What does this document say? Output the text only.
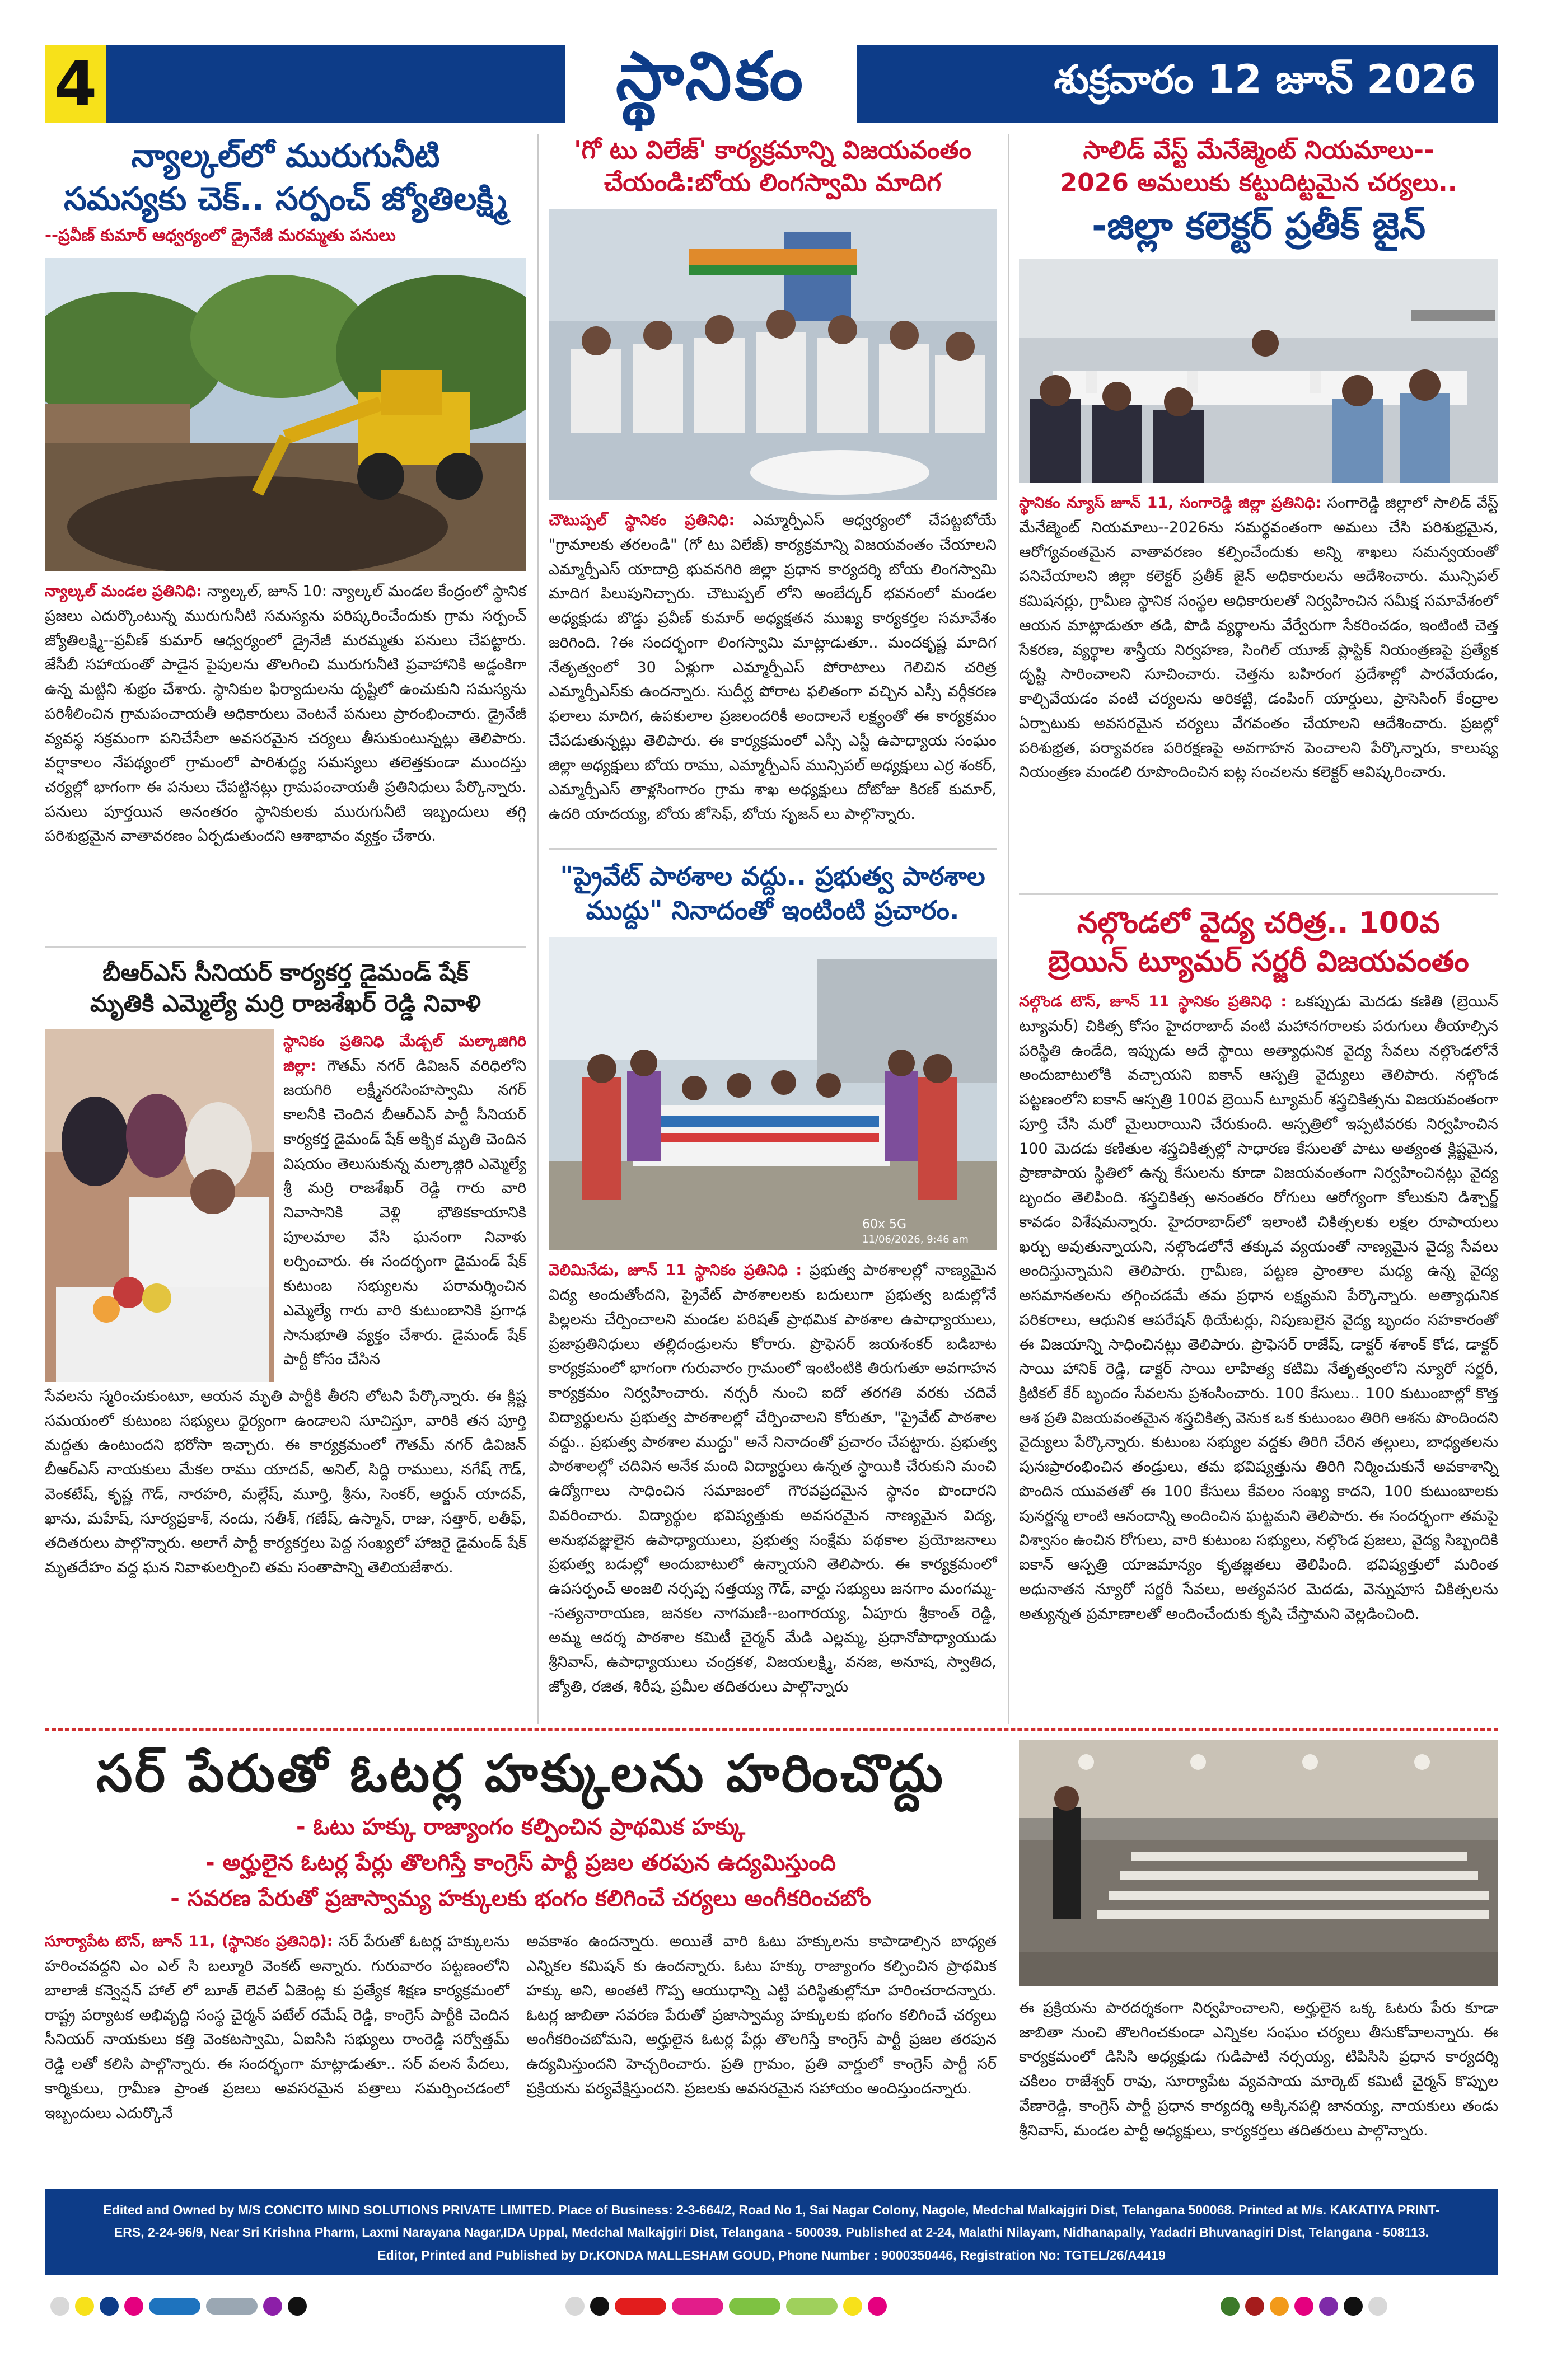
4	స్థానికం	శుక్రవారం 12 జూన్ 2026
న్యాల్కల్‌లో మురుగునీటి
సమస్యకు చెక్.. సర్పంచ్ జ్యోతిలక్ష్మి
--ప్రవీణ్ కుమార్ ఆధ్వర్యంలో డ్రైనేజీ మరమ్మతు పనులు
న్యాల్కల్ మండల ప్రతినిధి: న్యాల్కల్, జూన్ 10: న్యాల్కల్ మండల కేంద్రంలో స్థానిక ప్రజలు ఎదుర్కొంటున్న మురుగునీటి సమస్యను పరిష్కరించేందుకు గ్రామ సర్పంచ్ జ్యోతిలక్ష్మి--ప్రవీణ్ కుమార్ ఆధ్వర్యంలో డ్రైనేజీ మరమ్మతు పనులు చేపట్టారు. జేసీబీ సహాయంతో పాడైన పైపులను తొలగించి మురుగునీటి ప్రవాహానికి అడ్డంకిగా ఉన్న మట్టిని శుభ్రం చేశారు. స్థానికుల ఫిర్యాదులను దృష్టిలో ఉంచుకుని సమస్యను పరిశీలించిన గ్రామపంచాయతీ అధికారులు వెంటనే పనులు ప్రారంభించారు. డ్రైనేజీ వ్యవస్థ సక్రమంగా పనిచేసేలా అవసరమైన చర్యలు తీసుకుంటున్నట్లు తెలిపారు. వర్షాకాలం నేపథ్యంలో గ్రామంలో పారిశుద్ధ్య సమస్యలు తలెత్తకుండా ముందస్తు చర్యల్లో భాగంగా ఈ పనులు చేపట్టినట్లు గ్రామపంచాయతీ ప్రతినిధులు పేర్కొన్నారు. పనులు పూర్తయిన అనంతరం స్థానికులకు మురుగునీటి ఇబ్బందులు తగ్గి పరిశుభ్రమైన వాతావరణం ఏర్పడుతుందని ఆశాభావం వ్యక్తం చేశారు.
బీఆర్ఎస్ సీనియర్ కార్యకర్త డైమండ్ షేక్
మృతికి ఎమ్మెల్యే మర్రి రాజశేఖర్ రెడ్డి నివాళి
స్థానికం ప్రతినిధి మేడ్చల్ మల్కాజిగిరి జిల్లా: గౌతమ్ నగర్ డివిజన్ వరిధిలోని జయగిరి లక్ష్మీనరసింహస్వామి నగర్ కాలనీకి చెందిన బీఆర్ఎస్ పార్టీ సీనియర్ కార్యకర్త డైమండ్ షేక్ అక్బిక మృతి చెందిన విషయం తెలుసుకున్న మల్కాజ్గిరి ఎమ్మెల్యే శ్రీ మర్రి రాజశేఖర్ రెడ్డి గారు వారి నివాసానికి వెళ్లి భౌతికకాయానికి పూలమాల వేసి ఘనంగా నివాళు లర్పించారు. ఈ సందర్భంగా డైమండ్ షేక్ కుటుంబ సభ్యులను పరామర్శించిన ఎమ్మెల్యే గారు వారి కుటుంబానికి ప్రగాఢ సానుభూతి వ్యక్తం చేశారు. డైమండ్ షేక్ పార్టీ కోసం చేసిన
సేవలను స్మరించుకుంటూ, ఆయన మృతి పార్టీకి తీరని లోటని పేర్కొన్నారు. ఈ క్లిష్ట సమయంలో కుటుంబ సభ్యులు ధైర్యంగా ఉండాలని సూచిస్తూ, వారికి తన పూర్తి మద్దతు ఉంటుందని భరోసా ఇచ్చారు. ఈ కార్యక్రమంలో గౌతమ్ నగర్ డివిజన్ బీఆర్ఎస్ నాయకులు మేకల రాము యాదవ్, అనిల్, సిద్ది రాములు, నగేష్ గౌడ్, వెంకటేష్, కృష్ణ గౌడ్, నారహరి, మల్లేష్, మూర్తి, శ్రీను, సెంకర్, అర్జున్ యాదవ్, ఖాను, మహేష్, సూర్యప్రకాశ్, నందు, సతీశ్, గణేష్, ఉస్మాన్, రాజు, సత్తార్, లతీఫ్, తదితరులు పాల్గొన్నారు. అలాగే పార్టీ కార్యకర్తలు పెద్ద సంఖ్యలో హాజరై డైమండ్ షేక్ మృతదేహం వద్ద ఘన నివాళులర్పించి తమ సంతాపాన్ని తెలియజేశారు.
'గో టు విలేజ్' కార్యక్రమాన్ని విజయవంతం
చేయండి:బోయ లింగస్వామి మాదిగ
చౌటుప్పల్ స్థానికం ప్రతినిధి: ఎమ్మార్పీఎస్ ఆధ్వర్యంలో చేపట్టబోయే "గ్రామాలకు తరలండి" (గో టు విలేజ్) కార్యక్రమాన్ని విజయవంతం చేయాలని ఎమ్మార్పీఎస్ యాదాద్రి భువనగిరి జిల్లా ప్రధాన కార్యదర్శి బోయ లింగస్వామి మాదిగ పిలుపునిచ్చారు. చౌటుప్పల్ లోని అంబేద్కర్ భవనంలో మండల అధ్యక్షుడు బొడ్డు ప్రవీణ్ కుమార్ అధ్యక్షతన ముఖ్య కార్యకర్తల సమావేశం జరిగింది. ?ఈ సందర్భంగా లింగస్వామి మాట్లాడుతూ.. మందకృష్ణ మాదిగ నేతృత్వంలో 30 ఏళ్లుగా ఎమ్మార్పీఎస్ పోరాటాలు గెలిచిన చరిత్ర ఎమ్మార్పీఎస్‌కు ఉందన్నారు. సుదీర్ఘ పోరాట ఫలితంగా వచ్చిన ఎస్సీ వర్గీకరణ ఫలాలు మాదిగ, ఉపకులాల ప్రజలందరికీ అందాలనే లక్ష్యంతో ఈ కార్యక్రమం చేపడుతున్నట్లు తెలిపారు. ఈ కార్యక్రమంలో ఎస్సీ ఎస్టీ ఉపాధ్యాయ సంఘం జిల్లా అధ్యక్షులు బోయ రాము, ఎమ్మార్పీఎస్ మున్సిపల్ అధ్యక్షులు ఎర్ర శంకర్, ఎమ్మార్పీఎస్ తాళ్లసింగారం గ్రామ శాఖ అధ్యక్షులు దోటోజు కిరణ్ కుమార్, ఉదరి యాదయ్య, బోయ జోసెఫ్, బోయ సృజన్ లు పాల్గొన్నారు.
"ప్రైవేట్ పాఠశాల వద్దు.. ప్రభుత్వ పాఠశాల
ముద్దు" నినాదంతో ఇంటింటి ప్రచారం.
60x 5G
11/06/2026, 9:46 am
వెలిమినేడు, జూన్ 11 స్థానికం ప్రతినిధి : ప్రభుత్వ పాఠశాలల్లో నాణ్యమైన విద్య అందుతోందని, ప్రైవేట్ పాఠశాలలకు బదులుగా ప్రభుత్వ బడుల్లోనే పిల్లలను చేర్పించాలని మండల పరిషత్ ప్రాథమిక పాఠశాల ఉపాధ్యాయులు, ప్రజాప్రతినిధులు తల్లిదండ్రులను కోరారు. ప్రొఫెసర్ జయశంకర్ బడిబాట కార్యక్రమంలో భాగంగా గురువారం గ్రామంలో ఇంటింటికి తిరుగుతూ అవగాహన కార్యక్రమం నిర్వహించారు. నర్సరీ నుంచి ఐదో తరగతి వరకు చదివే విద్యార్థులను ప్రభుత్వ పాఠశాలల్లో చేర్పించాలని కోరుతూ, "ప్రైవేట్ పాఠశాల వద్దు.. ప్రభుత్వ పాఠశాల ముద్దు" అనే నినాదంతో ప్రచారం చేపట్టారు. ప్రభుత్వ పాఠశాలల్లో చదివిన అనేక మంది విద్యార్థులు ఉన్నత స్థాయికి చేరుకుని మంచి ఉద్యోగాలు సాధించిన సమాజంలో గౌరవప్రదమైన స్థానం పొందారని వివరించారు. విద్యార్థుల భవిష్యత్తుకు అవసరమైన నాణ్యమైన విద్య, అనుభవజ్ఞులైన ఉపాధ్యాయులు, ప్రభుత్వ సంక్షేమ పథకాల ప్రయోజనాలు ప్రభుత్వ బడుల్లో అందుబాటులో ఉన్నాయని తెలిపారు. ఈ కార్యక్రమంలో ఉపసర్పంచ్ అంజలి నర్సప్ప సత్తయ్య గౌడ్, వార్డు సభ్యులు జనగాం మంగమ్మ--సత్యనారాయణ, జనకల నాగమణి--బంగారయ్య, ఏపూరు శ్రీకాంత్ రెడ్డి, అమ్మ ఆదర్శ పాఠశాల కమిటీ చైర్మన్ మేడి ఎల్లమ్మ, ప్రధానోపాధ్యాయుడు శ్రీనివాస్, ఉపాధ్యాయులు చంద్రకళ, విజయలక్ష్మి, వనజ, అనూష, స్వాతిద, జ్యోతి, రజిత, శిరీష, ప్రమీల తదితరులు పాల్గొన్నారు
సాలిడ్ వేస్ట్ మేనేజ్మెంట్ నియమాలు--
2026 అమలుకు కట్టుదిట్టమైన చర్యలు..
-జిల్లా కలెక్టర్ ప్రతీక్ జైన్
స్థానికం న్యూస్ జూన్ 11, సంగారెడ్డి జిల్లా ప్రతినిధి: సంగారెడ్డి జిల్లాలో సాలిడ్ వేస్ట్ మేనేజ్మెంట్ నియమాలు--2026ను సమర్థవంతంగా అమలు చేసి పరిశుభ్రమైన, ఆరోగ్యవంతమైన వాతావరణం కల్పించేందుకు అన్ని శాఖలు సమన్వయంతో పనిచేయాలని జిల్లా కలెక్టర్ ప్రతీక్ జైన్ అధికారులను ఆదేశించారు. మున్సిపల్ కమిషనర్లు, గ్రామీణ స్థానిక సంస్థల అధికారులతో నిర్వహించిన సమీక్ష సమావేశంలో ఆయన మాట్లాడుతూ తడి, పొడి వ్యర్థాలను వేర్వేరుగా సేకరించడం, ఇంటింటి చెత్త సేకరణ, వ్యర్థాల శాస్త్రీయ నిర్వహణ, సింగిల్ యూజ్ ప్లాస్టిక్ నియంత్రణపై ప్రత్యేక దృష్టి సారించాలని సూచించారు. చెత్తను బహిరంగ ప్రదేశాల్లో పారవేయడం, కాల్చివేయడం వంటి చర్యలను అరికట్టి, డంపింగ్ యార్డులు, ప్రాసెసింగ్ కేంద్రాల ఏర్పాటుకు అవసరమైన చర్యలు వేగవంతం చేయాలని ఆదేశించారు. ప్రజల్లో పరిశుభ్రత, పర్యావరణ పరిరక్షణపై అవగాహన పెంచాలని పేర్కొన్నారు, కాలుష్య నియంత్రణ మండలి రూపొందించిన ఐట్ల సంచలను కలెక్టర్ ఆవిష్కరించారు.
నల్గొండలో వైద్య చరిత్ర.. 100వ
బ్రెయిన్ ట్యూమర్ సర్జరీ విజయవంతం
నల్గొండ టౌన్, జూన్ 11 స్థానికం ప్రతినిధి : ఒకప్పుడు మెదడు కణితి (బ్రెయిన్ ట్యూమర్) చికిత్స కోసం హైదరాబాద్ వంటి మహానగరాలకు పరుగులు తీయాల్సిన పరిస్థితి ఉండేది, ఇప్పుడు అదే స్థాయి అత్యాధునిక వైద్య సేవలు నల్గొండలోనే అందుబాటులోకి వచ్చాయని ఐకాన్ ఆస్పత్రి వైద్యులు తెలిపారు. నల్గొండ పట్టణంలోని ఐకాన్ ఆస్పత్రి 100వ బ్రెయిన్ ట్యూమర్ శస్త్రచికిత్సను విజయవంతంగా పూర్తి చేసి మరో మైలురాయిని చేరుకుంది. ఆస్పత్రిలో ఇప్పటివరకు నిర్వహించిన 100 మెదడు కణితుల శస్త్రచికిత్సల్లో సాధారణ కేసులతో పాటు అత్యంత క్లిష్టమైన, ప్రాణాపాయ స్థితిలో ఉన్న కేసులను కూడా విజయవంతంగా నిర్వహించినట్లు వైద్య బృందం తెలిపింది. శస్త్రచికిత్స అనంతరం రోగులు ఆరోగ్యంగా కోలుకుని డిశ్చార్జ్ కావడం విశేషమన్నారు. హైదరాబాద్‌లో ఇలాంటి చికిత్సలకు లక్షల రూపాయలు ఖర్చు అవుతున్నాయని, నల్గొండలోనే తక్కువ వ్యయంతో నాణ్యమైన వైద్య సేవలు అందిస్తున్నామని తెలిపారు. గ్రామీణ, పట్టణ ప్రాంతాల మధ్య ఉన్న వైద్య అసమానతలను తగ్గించడమే తమ ప్రధాన లక్ష్యమని పేర్కొన్నారు. అత్యాధునిక పరికరాలు, ఆధునిక ఆపరేషన్ థియేటర్లు, నిపుణులైన వైద్య బృందం సహకారంతో ఈ విజయాన్ని సాధించినట్లు తెలిపారు. ప్రొఫెసర్ రాజేష్, డాక్టర్ శశాంక్ కోడ, డాక్టర్ సాయి హానిక్ రెడ్డి, డాక్టర్ సాయి లాహిత్య కటిమి నేతృత్వంలోని న్యూరో సర్జరీ, క్రిటికల్ కేర్ బృందం సేవలను ప్రశంసించారు. 100 కేసులు.. 100 కుటుంబాల్లో కొత్త ఆశ ప్రతి విజయవంతమైన శస్త్రచికిత్స వెనుక ఒక కుటుంబం తిరిగి ఆశను పొందిందని వైద్యులు పేర్కొన్నారు. కుటుంబ సభ్యుల వద్దకు తిరిగి చేరిన తల్లులు, బాధ్యతలను పునఃప్రారంభించిన తండ్రులు, తమ భవిష్యత్తును తిరిగి నిర్మించుకునే అవకాశాన్ని పొందిన యువతతో ఈ 100 కేసులు కేవలం సంఖ్య కాదని, 100 కుటుంబాలకు పునర్జన్మ లాంటి ఆనందాన్ని అందించిన ఘట్టమని తెలిపారు. ఈ సందర్భంగా తమపై విశ్వాసం ఉంచిన రోగులు, వారి కుటుంబ సభ్యులు, నల్గొండ ప్రజలు, వైద్య సిబ్బందికి ఐకాన్ ఆస్పత్రి యాజమాన్యం కృతజ్ఞతలు తెలిపింది. భవిష్యత్తులో మరింత అధునాతన న్యూరో సర్జరీ సేవలు, అత్యవసర మెదడు, వెన్నుపూస చికిత్సలను అత్యున్నత ప్రమాణాలతో అందించేందుకు కృషి చేస్తామని వెల్లడించింది.
సర్ పేరుతో ఓటర్ల హక్కులను హరించొద్దు
- ఓటు హక్కు రాజ్యాంగం కల్పించిన ప్రాథమిక హక్కు
- అర్హులైన ఓటర్ల పేర్లు తొలగిస్తే కాంగ్రెస్ పార్టీ ప్రజల తరపున ఉద్యమిస్తుంది
- సవరణ పేరుతో ప్రజాస్వామ్య హక్కులకు భంగం కలిగించే చర్యలు అంగీకరించబోం
సూర్యాపేట టౌన్, జూన్ 11, (స్థానికం ప్రతినిధి): సర్ పేరుతో ఓటర్ల హక్కులను హరించవద్దని ఎం ఎల్ సి బల్మూరి వెంకట్ అన్నారు. గురువారం పట్టణంలోని బాలాజీ కన్వెన్షన్ హాల్ లో బూత్ లెవల్ ఏజెంట్ల కు ప్రత్యేక శిక్షణ కార్యక్రమంలో రాష్ట్ర పర్యాటక అభివృద్ధి సంస్థ చైర్మన్ పటేల్ రమేష్ రెడ్డి, కాంగ్రెస్ పార్టీకి చెందిన సీనియర్ నాయకులు కత్తి వెంకటస్వామి, ఏఐసిసి సభ్యులు రాంరెడ్డి సర్వోత్తమ్ రెడ్డి లతో కలిసి పాల్గొన్నారు. ఈ సందర్భంగా మాట్లాడుతూ.. సర్ వలన పేదలు, కార్మికులు, గ్రామీణ ప్రాంత ప్రజలు అవసరమైన పత్రాలు సమర్పించడంలో ఇబ్బందులు ఎదుర్కొనే
అవకాశం ఉందన్నారు. అయితే వారి ఓటు హక్కులను కాపాడాల్సిన బాధ్యత ఎన్నికల కమిషన్ కు ఉందన్నారు. ఓటు హక్కు రాజ్యాంగం కల్పించిన ప్రాథమిక హక్కు అని, అంతటి గొప్ప ఆయుధాన్ని ఎట్టి పరిస్థితుల్లోనూ హరించరాదన్నారు. ఓటర్ల జాబితా సవరణ పేరుతో ప్రజాస్వామ్య హక్కులకు భంగం కలిగించే చర్యలు అంగీకరించబోమని, అర్హులైన ఓటర్ల పేర్లు తొలగిస్తే కాంగ్రెస్ పార్టీ ప్రజల తరపున ఉద్యమిస్తుందని హెచ్చరించారు. ప్రతి గ్రామం, ప్రతి వార్డులో కాంగ్రెస్ పార్టీ సర్ ప్రక్రియను పర్యవేక్షిస్తుందని. ప్రజలకు అవసరమైన సహాయం అందిస్తుందన్నారు.
ఈ ప్రక్రియను పారదర్శకంగా నిర్వహించాలని, అర్హులైన ఒక్క ఓటరు పేరు కూడా జాబితా నుంచి తొలగించకుండా ఎన్నికల సంఘం చర్యలు తీసుకోవాలన్నారు. ఈ కార్యక్రమంలో డిసిసి అధ్యక్షుడు గుడిపాటి నర్సయ్య, టిపిసిసి ప్రధాన కార్యదర్శి చకిలం రాజేశ్వర్ రావు, సూర్యాపేట వ్యవసాయ మార్కెట్ కమిటీ చైర్మన్ కొప్పుల వేణారెడ్డి, కాంగ్రెస్ పార్టీ ప్రధాన కార్యదర్శి అక్కినపల్లి జానయ్య, నాయకులు తండు శ్రీనివాస్, మండల పార్టీ అధ్యక్షులు, కార్యకర్తలు తదితరులు పాల్గొన్నారు.
Edited and Owned by M/S CONCITO MIND SOLUTIONS PRIVATE LIMITED. Place of Business: 2-3-664/2, Road No 1, Sai Nagar Colony, Nagole, Medchal Malkajgiri Dist, Telangana 500068. Printed at M/s. KAKATIYA PRINT-
ERS, 2-24-96/9, Near Sri Krishna Pharm, Laxmi Narayana Nagar,IDA Uppal, Medchal Malkajgiri Dist, Telangana - 500039. Published at 2-24, Malathi Nilayam, Nidhanapally, Yadadri Bhuvanagiri Dist, Telangana - 508113.
Editor, Printed and Published by Dr.KONDA MALLESHAM GOUD, Phone Number : 9000350446, Registration No: TGTEL/26/A4419
